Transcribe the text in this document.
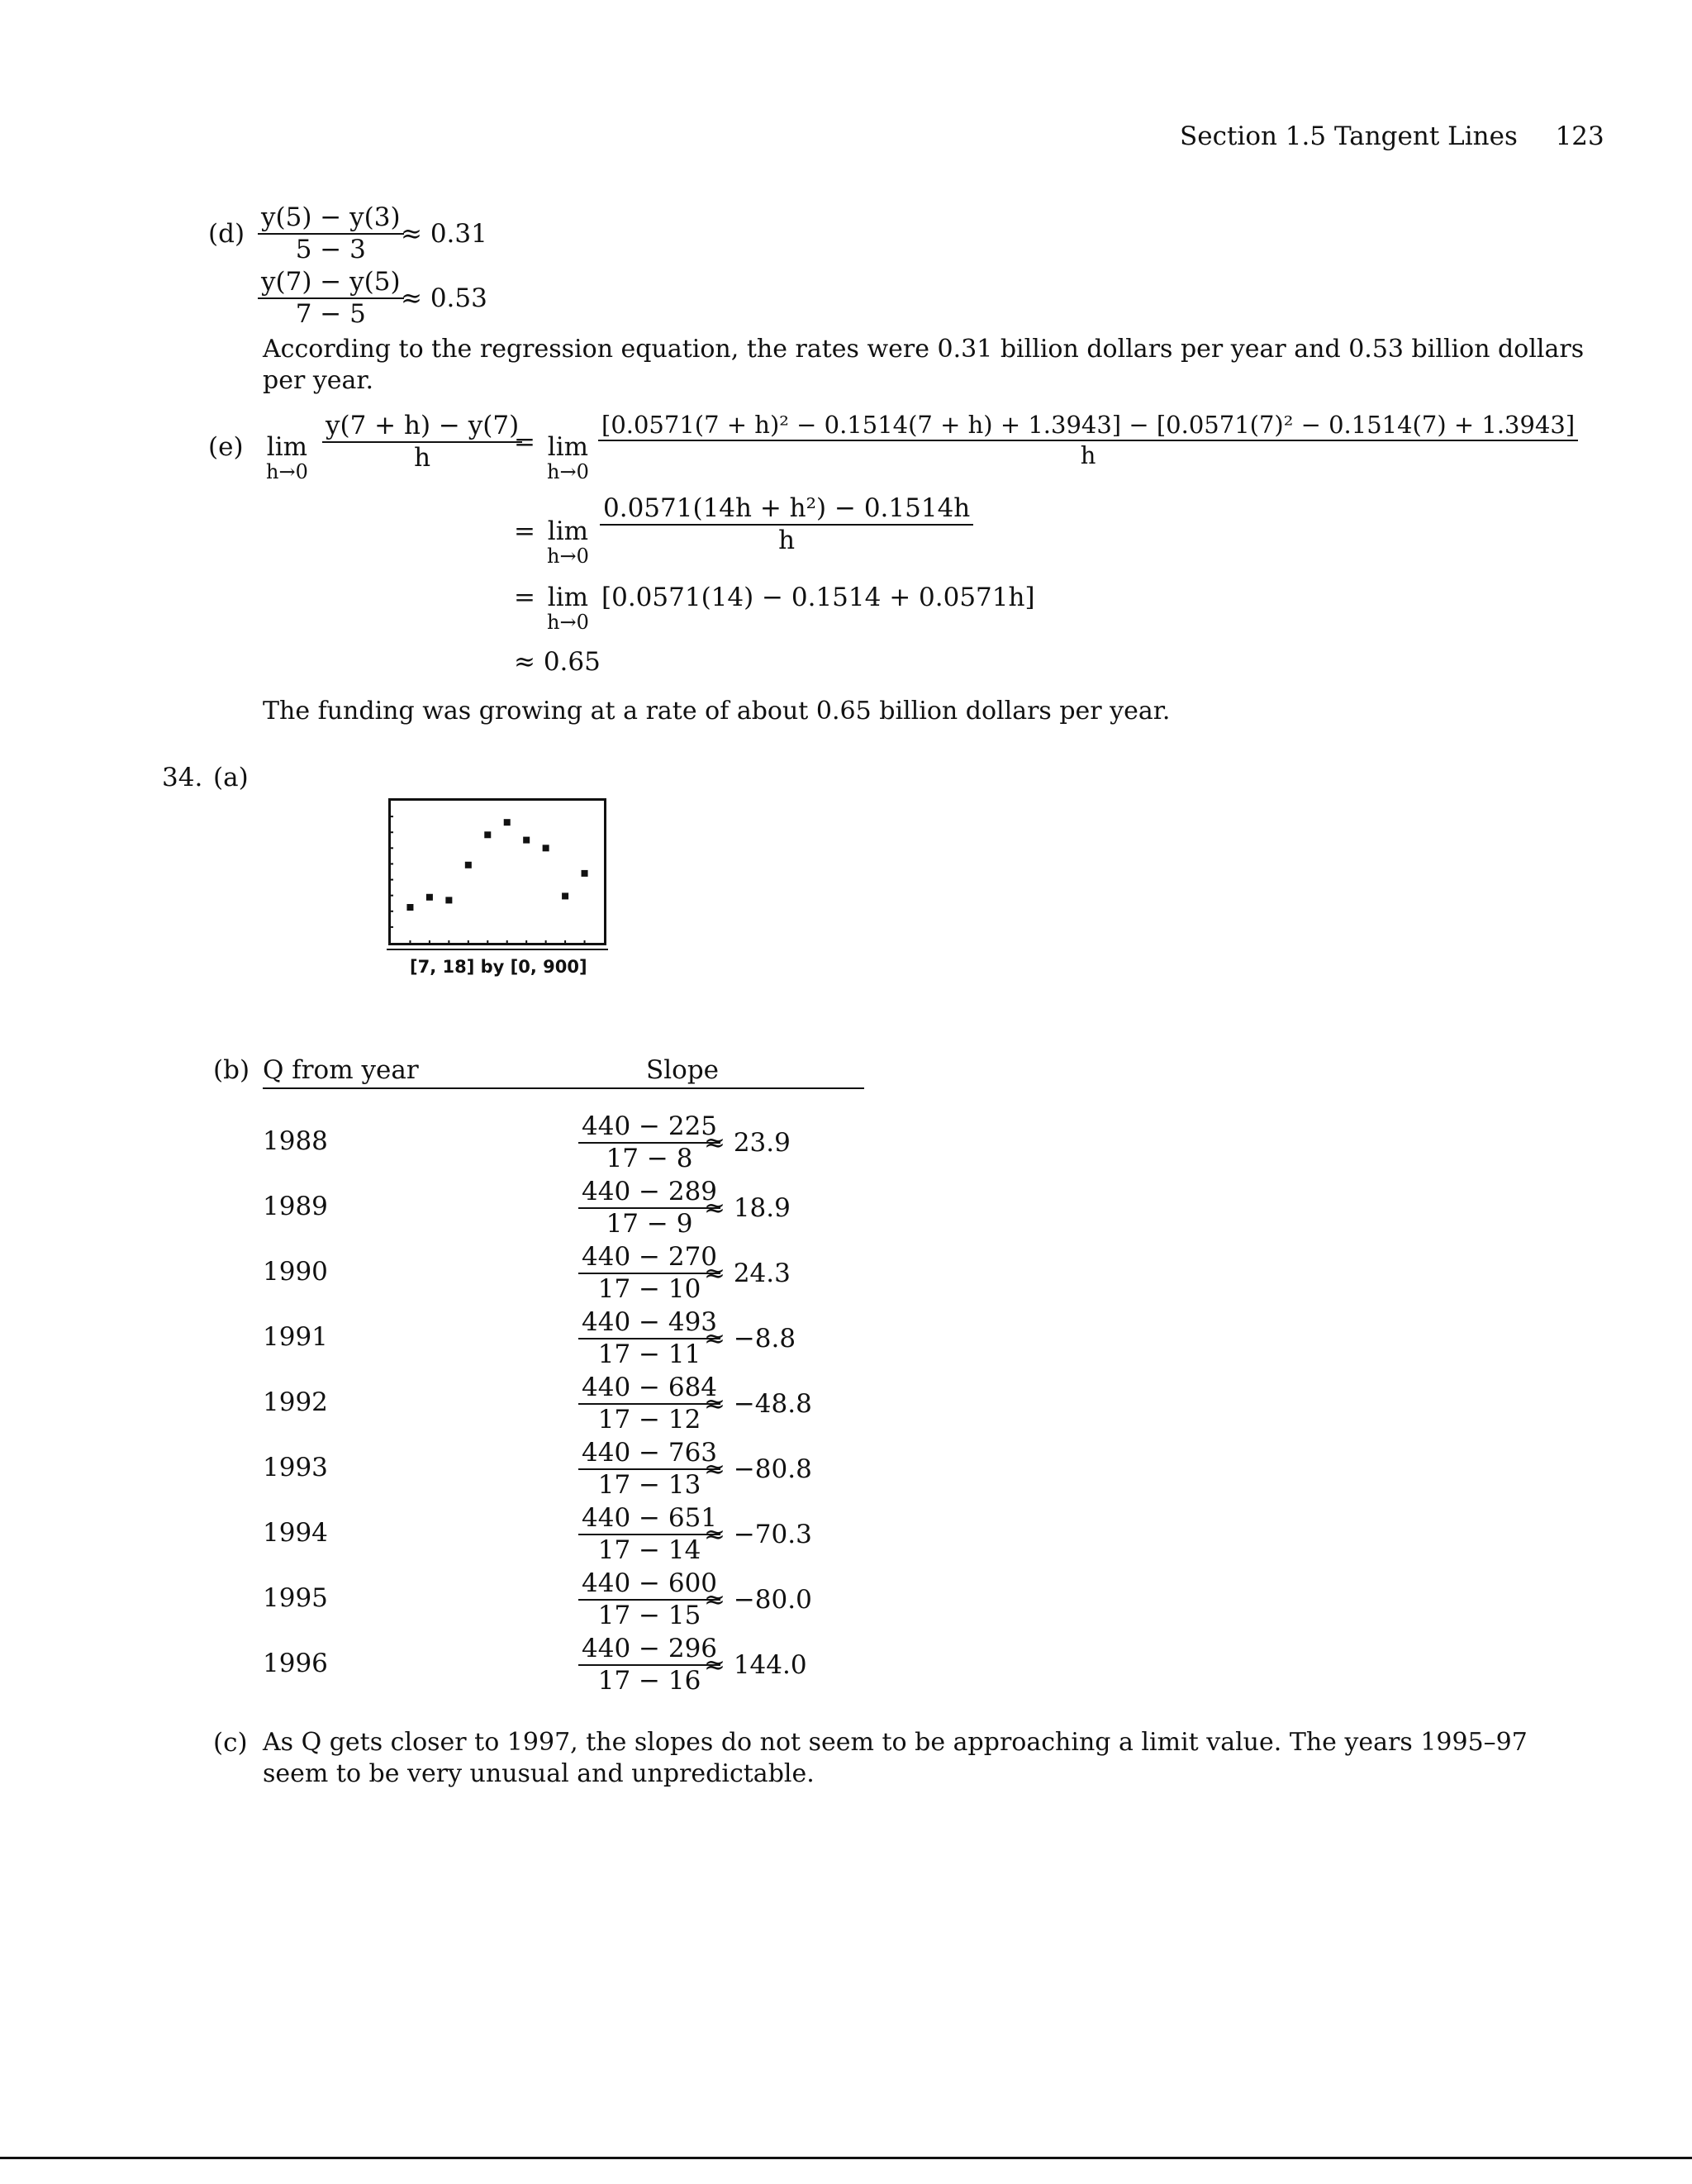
Section 1.5 Tangent Lines 123
$(d) \frac{y(5) - y(3)}{5 - 3}$
≈ 0.31
$\frac{y(7) - y(5)}{7 - 5}$
≈ 0.53
According to the regression equation, the rates were 0.31 billion dollars per year and 0.53 billion dollars
per year.
(e) lim
h→0
$\frac{y(7 + h) - y(7)}{h}$
= lim
h→0
[0.0571(7 + h)² − 0.1514(7 + h) + 1.3943] − [0.0571(7)² − 0.1514(7) + 1.3943]
h
= lim
h→0
$\frac{\text{0.0571(14h + h²) − 0.1514h}}{h}$
= lim
h→0
[0.0571(14) − 0.1514 + 0.0571h]
≈ 0.65
The funding was growing at a rate of about 0.65 billion dollars per year.
34. (a)
[7, 18] by [0, 900]
(b) Q from year	Slope
1988	$\frac{440 - 225}{17 - 8}$
≈ 23.9
1989	$\frac{440 - 289}{17 - 9}$
≈ 18.9
1990	$\frac{440 - 270}{17 - 10}$
≈ 24.3
1991	$\frac{440 - 493}{17 - 11}$
≈ −8.8
1992	$\frac{440 - 684}{17 - 12}$
≈ −48.8
1993	$\frac{440 - 763}{17 - 13}$
≈ −80.8
1994	$\frac{440 - 651}{17 - 14}$
≈ −70.3
1995	$\frac{440 - 600}{17 - 15}$
≈ −80.0
1996	$\frac{440 - 296}{17 - 16}$
≈ 144.0
(c) As Q gets closer to 1997, the slopes do not seem to be approaching a limit value. The years 1995–97
seem to be very unusual and unpredictable.
